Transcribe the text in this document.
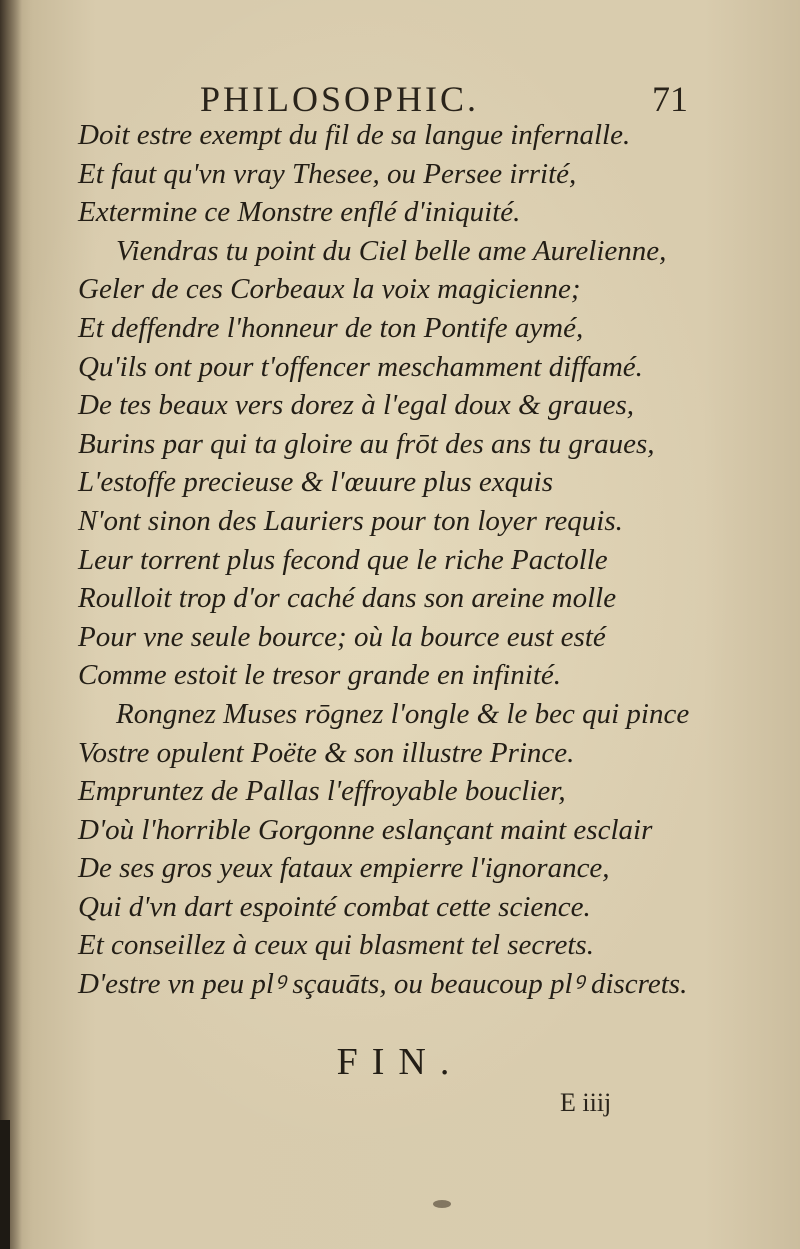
PHILOSOPHIC.	71
Doit estre exempt du fil de sa langue infernalle.
Et faut qu'vn vray Thesee, ou Persee irrité,
Extermine ce Monstre enflé d'iniquité.
Viendras tu point du Ciel belle ame Aurelienne,
Geler de ces Corbeaux la voix magicienne;
Et deffendre l'honneur de ton Pontife aymé,
Qu'ils ont pour t'offencer meschamment diffamé.
De tes beaux vers dorez à l'egal doux & graues,
Burins par qui ta gloire au frōt des ans tu graues,
L'estoffe precieuse & l'œuure plus exquis
N'ont sinon des Lauriers pour ton loyer requis.
Leur torrent plus fecond que le riche Pactolle
Roulloit trop d'or caché dans son areine molle
Pour vne seule bource; où la bource eust esté
Comme estoit le tresor grande en infinité.
Rongnez Muses rōgnez l'ongle & le bec qui pince
Vostre opulent Poëte & son illustre Prince.
Empruntez de Pallas l'effroyable bouclier,
D'où l'horrible Gorgonne eslançant maint esclair
De ses gros yeux fataux empierre l'ignorance,
Qui d'vn dart espointé combat cette science.
Et conseillez à ceux qui blasment tel secrets.
D'estre vn peu plꝰ sçauāts, ou beaucoup plꝰ discrets.
FIN.
E iiij
